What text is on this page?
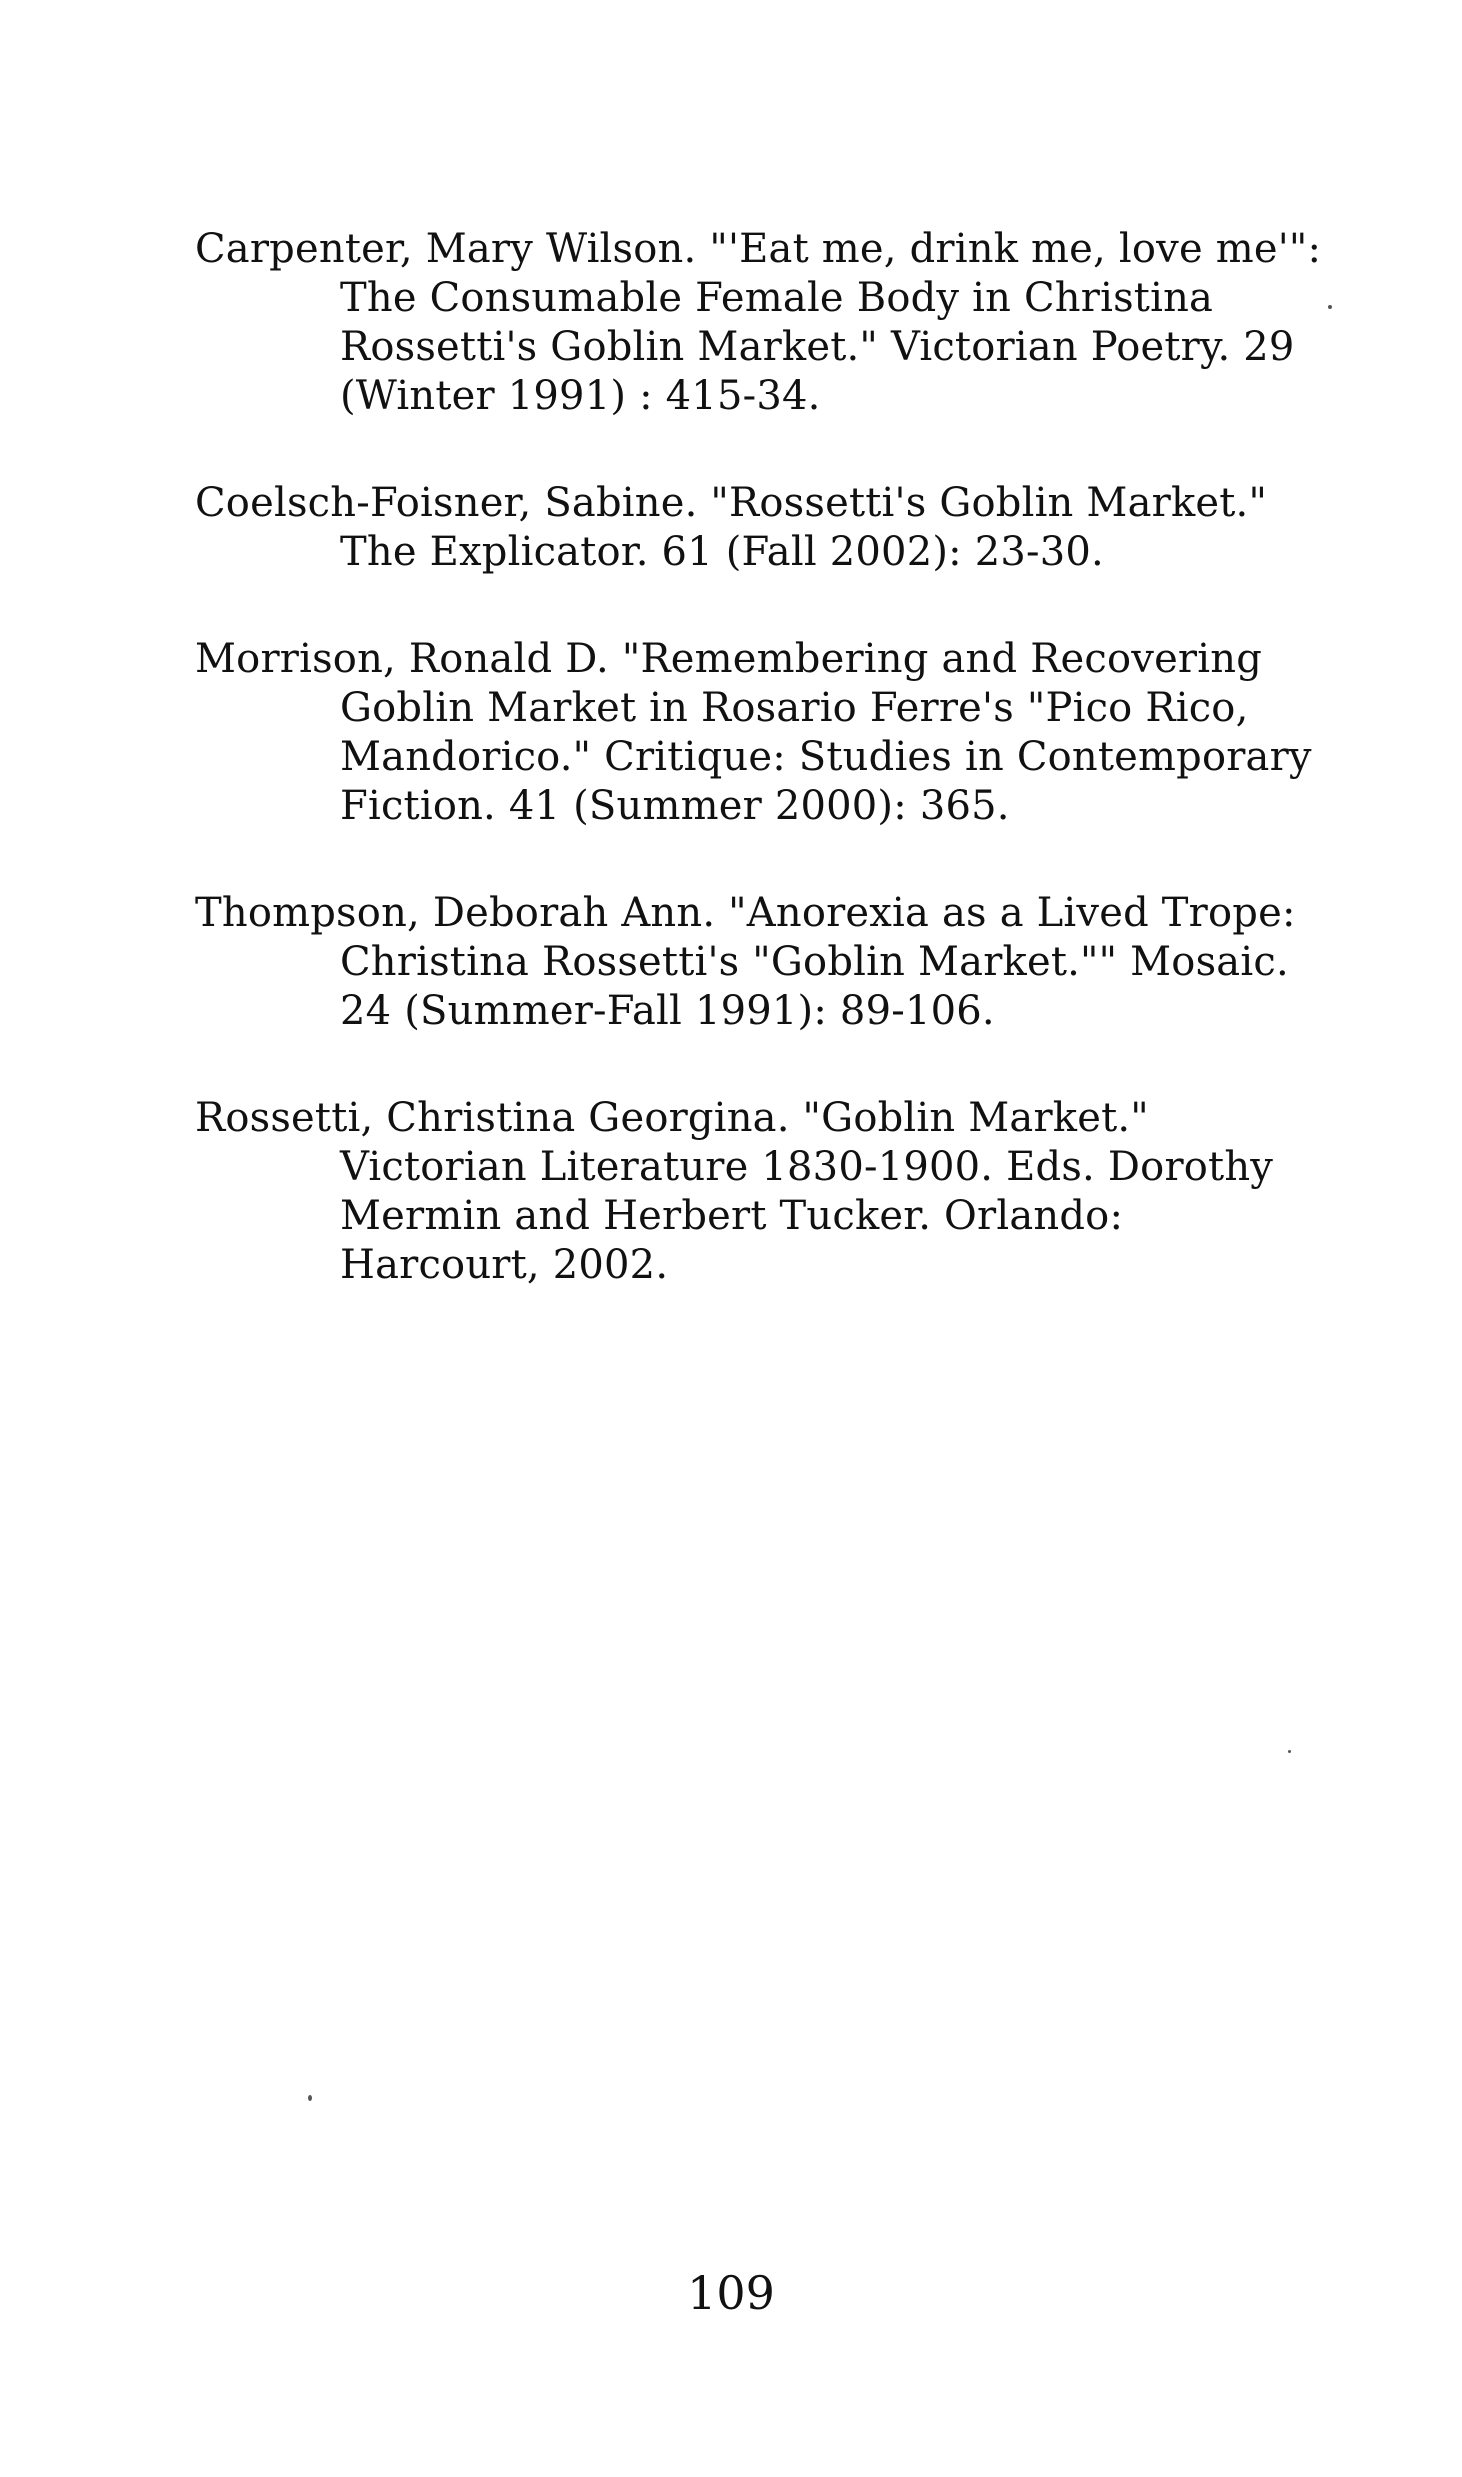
Carpenter, Mary Wilson. "'Eat me, drink me, love me'":
The Consumable Female Body in Christina
Rossetti's Goblin Market." Victorian Poetry. 29
(Winter 1991) : 415-34.
Coelsch-Foisner, Sabine. "Rossetti's Goblin Market."
The Explicator. 61 (Fall 2002): 23-30.
Morrison, Ronald D. "Remembering and Recovering
Goblin Market in Rosario Ferre's "Pico Rico,
Mandorico." Critique: Studies in Contemporary
Fiction. 41 (Summer 2000): 365.
Thompson, Deborah Ann. "Anorexia as a Lived Trope:
Christina Rossetti's "Goblin Market."" Mosaic.
24 (Summer-Fall 1991): 89-106.
Rossetti, Christina Georgina. "Goblin Market."
Victorian Literature 1830-1900. Eds. Dorothy
Mermin and Herbert Tucker. Orlando:
Harcourt, 2002.
109
